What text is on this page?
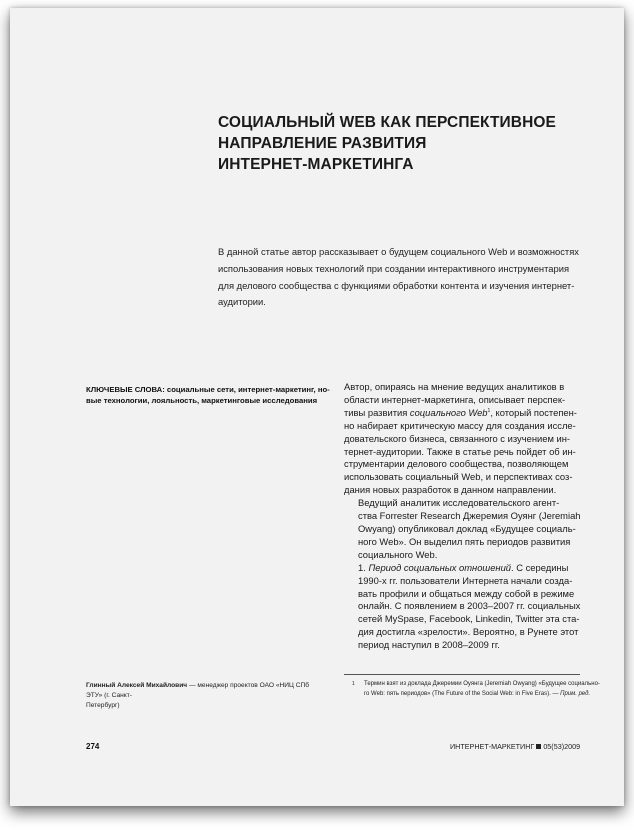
СОЦИАЛЬНЫЙ WEB КАК ПЕРСПЕКТИВНОЕ
НАПРАВЛЕНИЕ РАЗВИТИЯ
ИНТЕРНЕТ-МАРКЕТИНГА

В данной статье автор рассказывает о будущем социального Web и возможностях
использования новых технологий при создании интерактивного инструментария
для делового сообщества с функциями обработки контента и изучения интернет-
аудитории.

КЛЮЧЕВЫЕ СЛОВА: социальные сети, интернет-маркетинг, но-
вые технологии, лояльность, маркетинговые исследования

Автор, опираясь на мнение ведущих аналитиков в
области интернет-маркетинга, описывает перспек-
тивы развития социального Web$^1$, который постепен-
но набирает критическую массу для создания иссле-
довательского бизнеса, связанного с изучением ин-
тернет-аудитории. Также в статье речь пойдет об ин-
струментарии делового сообщества, позволяющем
использовать социальный Web, и перспективах соз-
дания новых разработок в данном направлении.

Ведущий аналитик исследовательского агент-
ства Forrester Research Джеремия Оуянг (Jeremiah
Owyang) опубликовал доклад «Будущее социаль-
ного Web». Он выделил пять периодов развития
социального Web.

1. Период социальных отношений. С середины
1990-х гг. пользователи Интернета начали созда-
вать профили и общаться между собой в режиме
онлайн. С появлением в 2003–2007 гг. социальных
сетей MySpase, Facebook, Linkedin, Twitter эта ста-
дия достигла «зрелости». Вероятно, в Рунете этот
период наступил в 2008–2009 гг.

Глинный Алексей Михайлович — менеджер проектов ОАО «НИЦ СПб ЭТУ» (г. Санкт-
Петербург)

1 Термин взят из доклада Джеремии Оуянга (Jeremiah Owyang) «Будущее социально-
го Web: пять периодов» (The Future of the Social Web: in Five Eras). — Прим. ред.
274	ИНТЕРНЕТ-МАРКЕТИНГ 05(53)2009
